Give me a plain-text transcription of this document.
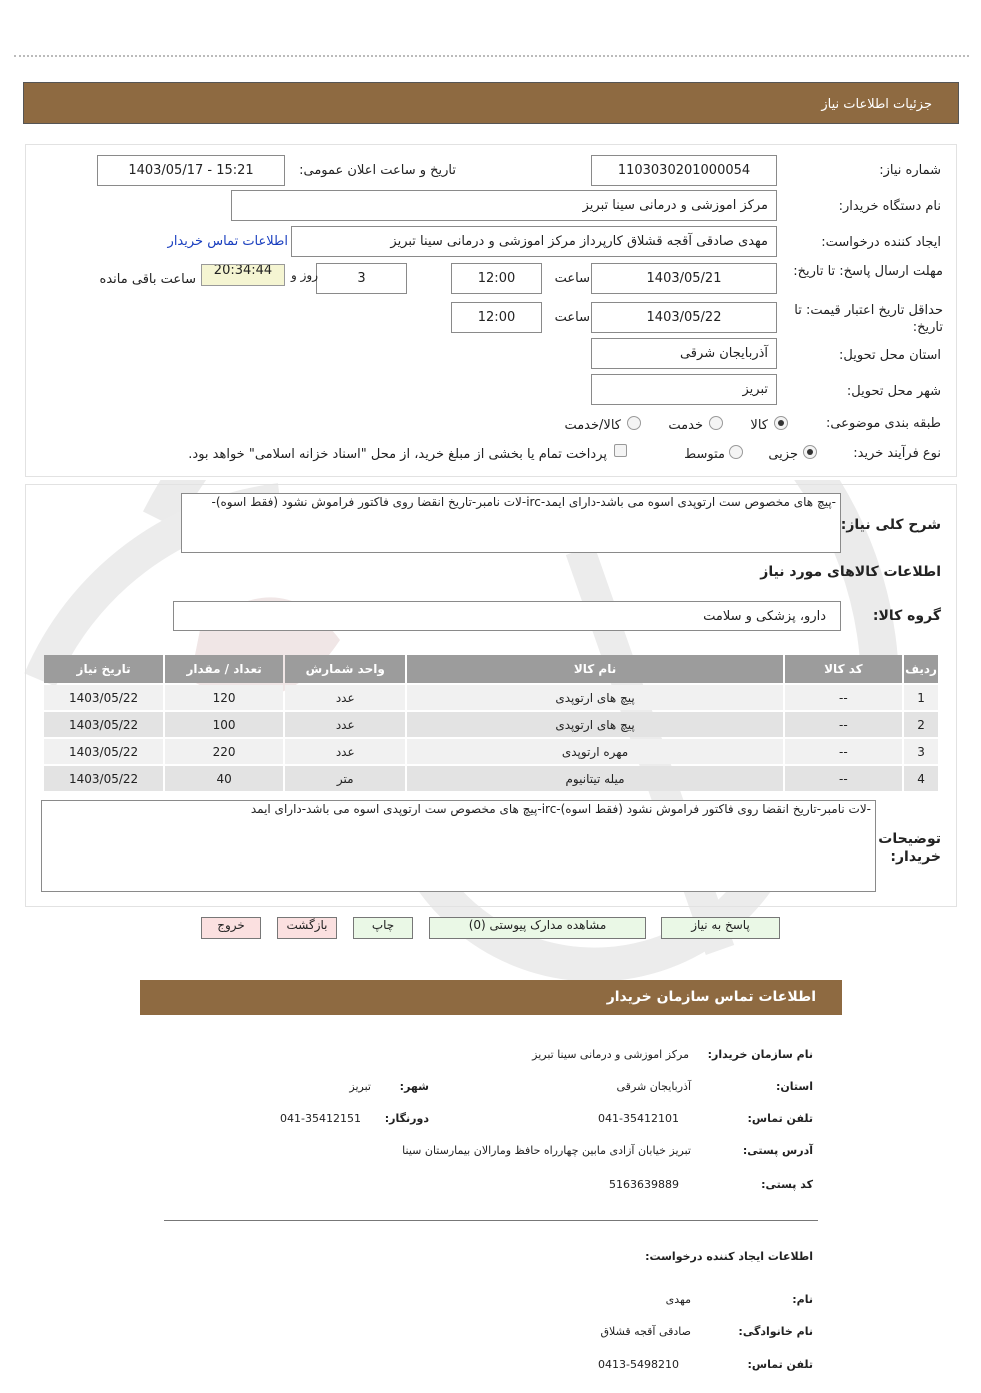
جزئیات اطلاعات نیاز
شماره نیاز:
1103030201000054
تاریخ و ساعت اعلان عمومی:
1403/05/17 - 15:21
نام دستگاه خریدار:
مرکز اموزشی و درمانی سینا تبریز
ایجاد کننده درخواست:
مهدی صادقی آقجه قشلاق کارپرداز مرکز اموزشی و درمانی سینا تبریز
اطلاعات تماس خریدار
مهلت ارسال پاسخ: تا تاریخ:
1403/05/21
ساعت
12:00
3
روز و
20:34:44
ساعت باقی مانده
حداقل تاریخ اعتبار قیمت: تا تاریخ:
1403/05/22
ساعت
12:00
استان محل تحویل:
آذربایجان شرقی
شهر محل تحویل:
تبریز
طبقه بندی موضوعی:
کالا
خدمت
کالا/خدمت
نوع فرآیند خرید:
جزیی
متوسط
پرداخت تمام یا بخشی از مبلغ خرید، از محل "اسناد خزانه اسلامی" خواهد بود.
شرح کلی نیاز:
-پیچ های مخصوص ست ارتوپدی اسوه می باشد-دارای ایمد-irc-لات نامبر-تاریخ انقضا روی فاکتور فراموش نشود (فقط اسوه)-
اطلاعات کالاهای مورد نیاز
گروه کالا:
دارو، پزشکی و سلامت
تاریخ نیاز	تعداد / مقدار	واحد شمارش	نام کالا	کد کالا	ردیف
1403/05/22	120	عدد	پیچ های ارتوپدی	--	1
1403/05/22	100	عدد	پیچ های ارتوپدی	--	2
1403/05/22	220	عدد	مهره ارتوپدی	--	3
1403/05/22	40	متر	میله تیتانیوم	--	4
توضیحات خریدار:
-لات نامبر-تاریخ انقضا روی فاکتور فراموش نشود (فقط اسوه)-irc-پیچ های مخصوص ست ارتوپدی اسوه می باشد-دارای ایمد
پاسخ به نیاز
مشاهده مدارک پیوستی (0)
چاپ
بازگشت
خروج
اطلاعات تماس سازمان خریدار
نام سازمان خریدار:
مرکز اموزشی و درمانی سینا تبریز
استان:
آذربایجان شرقی
شهر:
تبریز
تلفن تماس:
041-35412101
دورنگار:
041-35412151
آدرس پستی:
تبریز خیابان آزادی مابین چهارراه حافظ ومارالان بیمارستان سینا
کد پستی:
5163639889
اطلاعات ایجاد کننده درخواست:
نام:
مهدی
نام خانوادگی:
صادقی آقجه قشلاق
تلفن تماس:
0413-5498210
